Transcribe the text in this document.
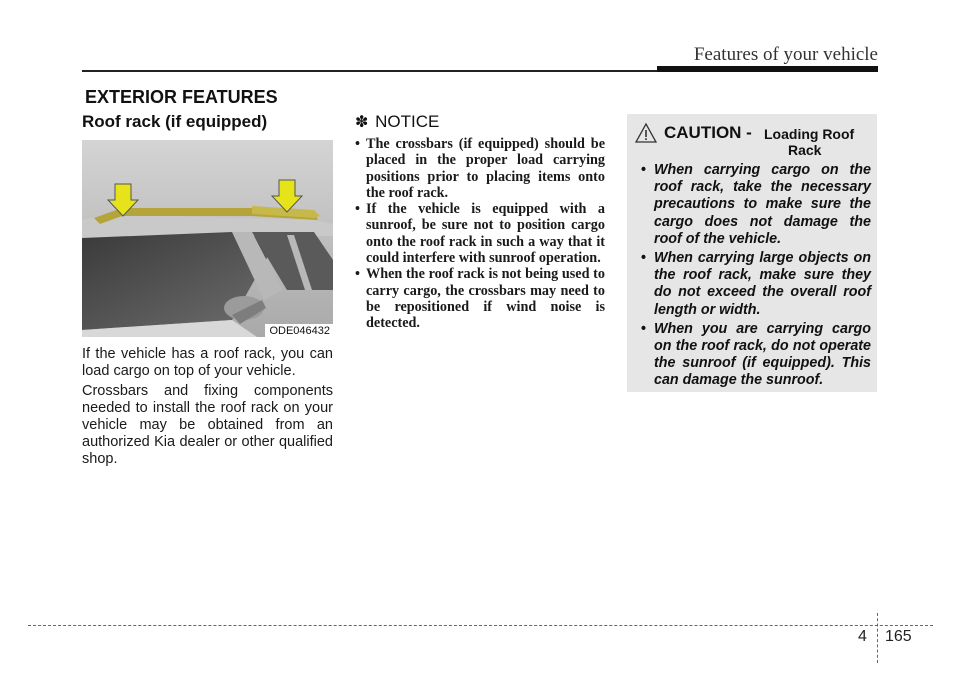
Features of your vehicle
EXTERIOR FEATURES
Roof rack (if equipped)
ODE046432

If the vehicle has a roof rack, you can load cargo on top of your vehicle.

Crossbars and fixing components needed to install the roof rack on your vehicle may be obtained from an authorized Kia dealer or other qualified shop.

✽ NOTICE
• The crossbars (if equipped) should be placed in the proper load carrying positions prior to placing items onto the roof rack.
• If the vehicle is equipped with a sunroof, be sure not to position cargo onto the roof rack in such a way that it could interfere with sunroof operation.
• When the roof rack is not being used to carry cargo, the crossbars may need to be repositioned if wind noise is detected.
CAUTION - Loading Roof
Rack
• When carrying cargo on the roof rack, take the necessary precautions to make sure the cargo does not damage the roof of the vehicle.
• When carrying large objects on the roof rack, make sure they do not exceed the overall roof length or width.
• When you are carrying cargo on the roof rack, do not operate the sunroof (if equipped). This can damage the sunroof.
4 165
